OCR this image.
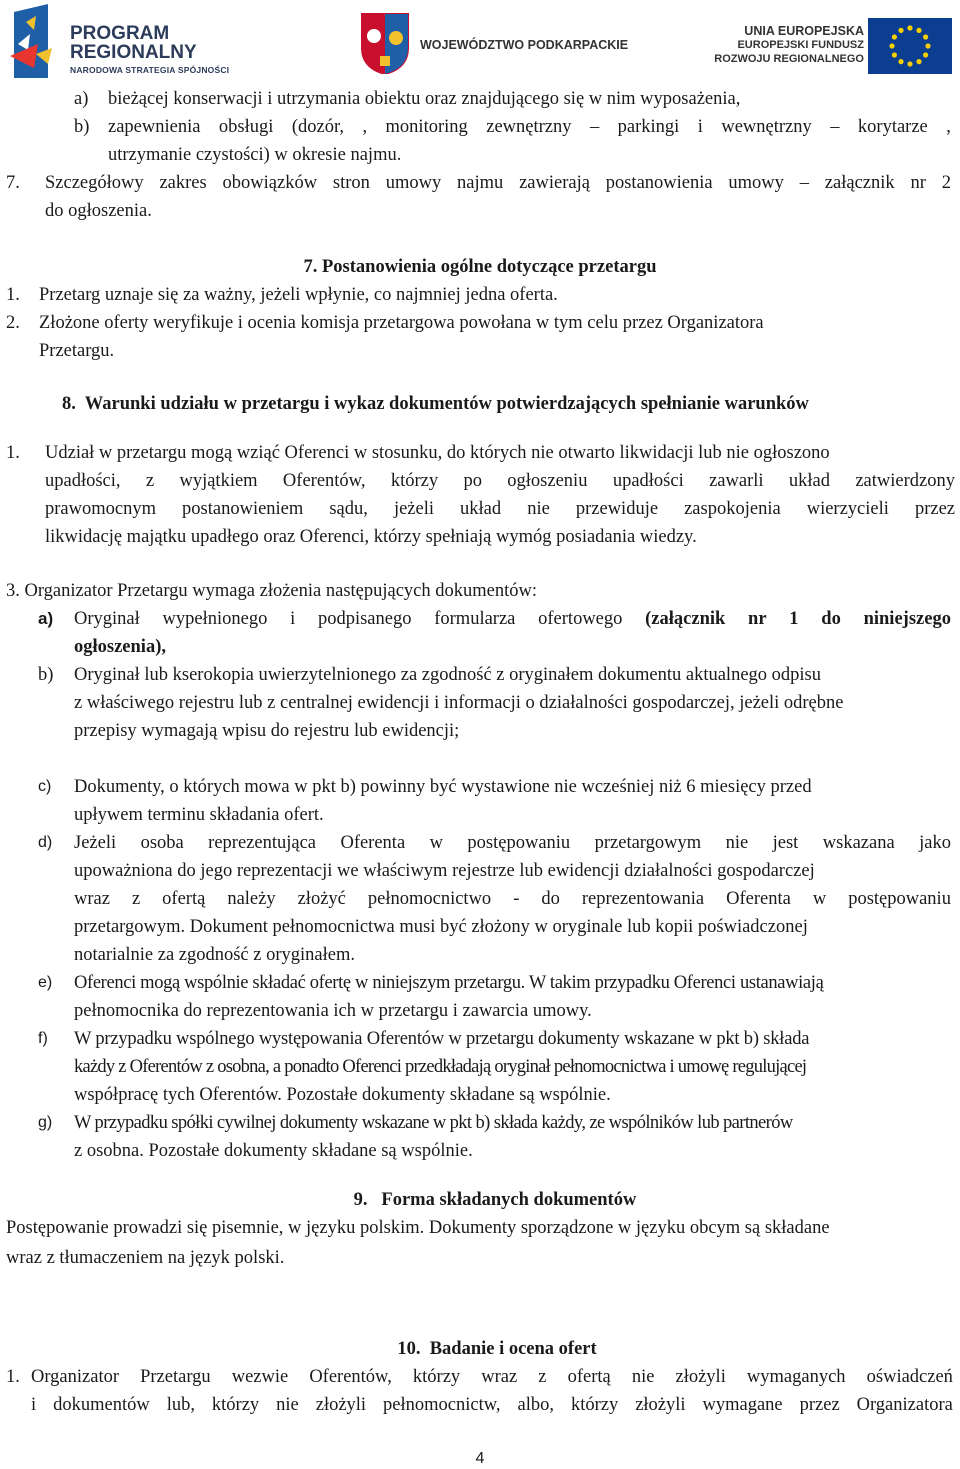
PROGRAM
REGIONALNY
NARODOWA STRATEGIA SPÓJNOŚCI
WOJEWÓDZTWO PODKARPACKIE
UNIA EUROPEJSKA
EUROPEJSKI FUNDUSZ
ROZWOJU REGIONALNEGO
a) bieżącej konserwacji i utrzymania obiektu oraz znajdującego się w nim wyposażenia,
b) zapewnienia obsługi (dozór, , monitoring zewnętrzny – parkingi i wewnętrzny – korytarze ,
utrzymanie czystości) w okresie najmu.
7. Szczegółowy zakres obowiązków stron umowy najmu zawierają postanowienia umowy – załącznik nr 2
do ogłoszenia.
7. Postanowienia ogólne dotyczące przetargu
1. Przetarg uznaje się za ważny, jeżeli wpłynie, co najmniej jedna oferta.
2. Złożone oferty weryfikuje i ocenia komisja przetargowa powołana w tym celu przez Organizatora
Przetargu.
8.  Warunki udziału w przetargu i wykaz dokumentów potwierdzających spełnianie warunków
1. Udział w przetargu mogą wziąć Oferenci w stosunku, do których nie otwarto likwidacji lub nie ogłoszono
upadłości, z wyjątkiem Oferentów, którzy po ogłoszeniu upadłości zawarli układ zatwierdzony
prawomocnym postanowieniem sądu, jeżeli układ nie przewiduje zaspokojenia wierzycieli przez
likwidację majątku upadłego oraz Oferenci, którzy spełniają wymóg posiadania wiedzy.
3. Organizator Przetargu wymaga złożenia następujących dokumentów:
a) Oryginał wypełnionego i podpisanego formularza ofertowego (załącznik nr 1 do niniejszego
ogłoszenia),
b) Oryginał lub kserokopia uwierzytelnionego za zgodność z oryginałem dokumentu aktualnego odpisu
z właściwego rejestru lub z centralnej ewidencji i informacji o działalności gospodarczej, jeżeli odrębne
przepisy wymagają wpisu do rejestru lub ewidencji;
c) Dokumenty, o których mowa w pkt b) powinny być wystawione nie wcześniej niż 6 miesięcy przed
upływem terminu składania ofert.
d) Jeżeli osoba reprezentująca Oferenta w postępowaniu przetargowym nie jest wskazana jako
upoważniona do jego reprezentacji we właściwym rejestrze lub ewidencji działalności gospodarczej
wraz z ofertą należy złożyć pełnomocnictwo - do reprezentowania Oferenta w postępowaniu
przetargowym. Dokument pełnomocnictwa musi być złożony w oryginale lub kopii poświadczonej
notarialnie za zgodność z oryginałem.
e) Oferenci mogą wspólnie składać ofertę w niniejszym przetargu. W takim przypadku Oferenci ustanawiają
pełnomocnika do reprezentowania ich w przetargu i zawarcia umowy.
f) W przypadku wspólnego występowania Oferentów w przetargu dokumenty wskazane w pkt b) składa
każdy z Oferentów z osobna, a ponadto Oferenci przedkładają oryginał pełnomocnictwa i umowę regulującej
współpracę tych Oferentów. Pozostałe dokumenty składane są wspólnie.
g) W przypadku spółki cywilnej dokumenty wskazane w pkt b) składa każdy, ze wspólników lub partnerów
z osobna. Pozostałe dokumenty składane są wspólnie.
9.   Forma składanych dokumentów
Postępowanie prowadzi się pisemnie, w języku polskim. Dokumenty sporządzone w języku obcym są składane
wraz z tłumaczeniem na język polski.
10.  Badanie i ocena ofert
1. Organizator Przetargu wezwie Oferentów, którzy wraz z ofertą nie złożyli wymaganych oświadczeń
i dokumentów lub, którzy nie złożyli pełnomocnictw, albo, którzy złożyli wymagane przez Organizatora
4
